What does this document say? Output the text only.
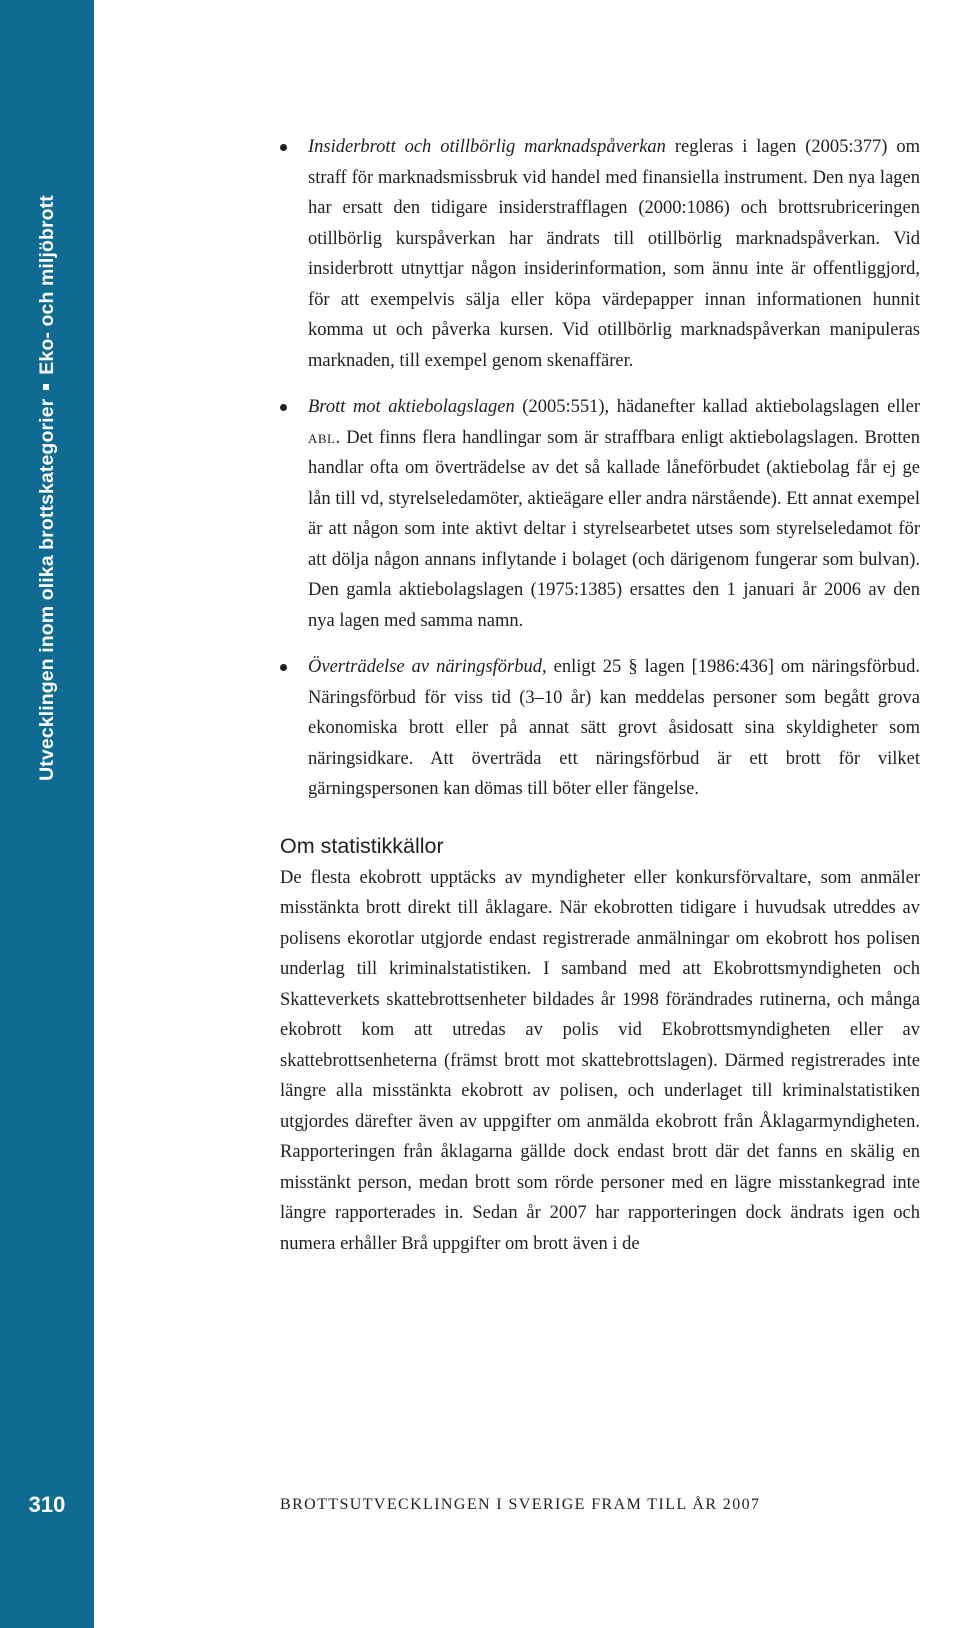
Utvecklingen inom olika brottskategorierEko- och miljöbrott
310

Insiderbrott och otillbörlig marknadspåverkan regleras i lagen (2005:377) om straff för marknadsmissbruk vid handel med finansiella instrument. Den nya lagen har ersatt den tidigare insiderstrafflagen (2000:1086) och brottsrubriceringen otillbörlig kurspåverkan har ändrats till otillbörlig marknadspåverkan. Vid insiderbrott utnyttjar någon insiderinformation, som ännu inte är offentliggjord, för att exempelvis sälja eller köpa värdepapper innan informationen hunnit komma ut och påverka kursen. Vid otillbörlig marknadspåverkan manipuleras marknaden, till exempel genom skenaffärer.

Brott mot aktiebolagslagen (2005:551), hädanefter kallad aktiebolagslagen eller abl. Det finns flera handlingar som är straffbara enligt aktiebolagslagen. Brotten handlar ofta om överträdelse av det så kallade låneförbudet (aktiebolag får ej ge lån till vd, styrelseledamöter, aktieägare eller andra närstående). Ett annat exempel är att någon som inte aktivt deltar i styrelsearbetet utses som styrelseledamot för att dölja någon annans inflytande i bolaget (och därigenom fungerar som bulvan). Den gamla aktiebolagslagen (1975:1385) ersattes den 1 januari år 2006 av den nya lagen med samma namn.

Överträdelse av näringsförbud, enligt 25 § lagen [1986:436] om näringsförbud. Näringsförbud för viss tid (3–10 år) kan meddelas personer som begått grova ekonomiska brott eller på annat sätt grovt åsidosatt sina skyldigheter som näringsidkare. Att överträda ett näringsförbud är ett brott för vilket gärningspersonen kan dömas till böter eller fängelse.

Om statistikkällor

De flesta ekobrott upptäcks av myndigheter eller konkursförvaltare, som anmäler misstänkta brott direkt till åklagare. När ekobrotten tidigare i huvudsak utreddes av polisens ekorotlar utgjorde endast registrerade anmälningar om ekobrott hos polisen underlag till kriminalstatistiken. I samband med att Ekobrottsmyndigheten och Skatteverkets skattebrottsenheter bildades år 1998 förändrades rutinerna, och många ekobrott kom att utredas av polis vid Ekobrottsmyndigheten eller av skattebrottsenheterna (främst brott mot skattebrottslagen). Därmed registrerades inte längre alla misstänkta ekobrott av polisen, och underlaget till kriminalstatistiken utgjordes därefter även av uppgifter om anmälda ekobrott från Åklagarmyndigheten. Rapporteringen från åklagarna gällde dock endast brott där det fanns en skälig en misstänkt person, medan brott som rörde personer med en lägre misstankegrad inte längre rapporterades in. Sedan år 2007 har rapporteringen dock ändrats igen och numera erhåller Brå uppgifter om brott även i de

BROTTSUTVECKLINGEN I SVERIGE FRAM TILL ÅR 2007
